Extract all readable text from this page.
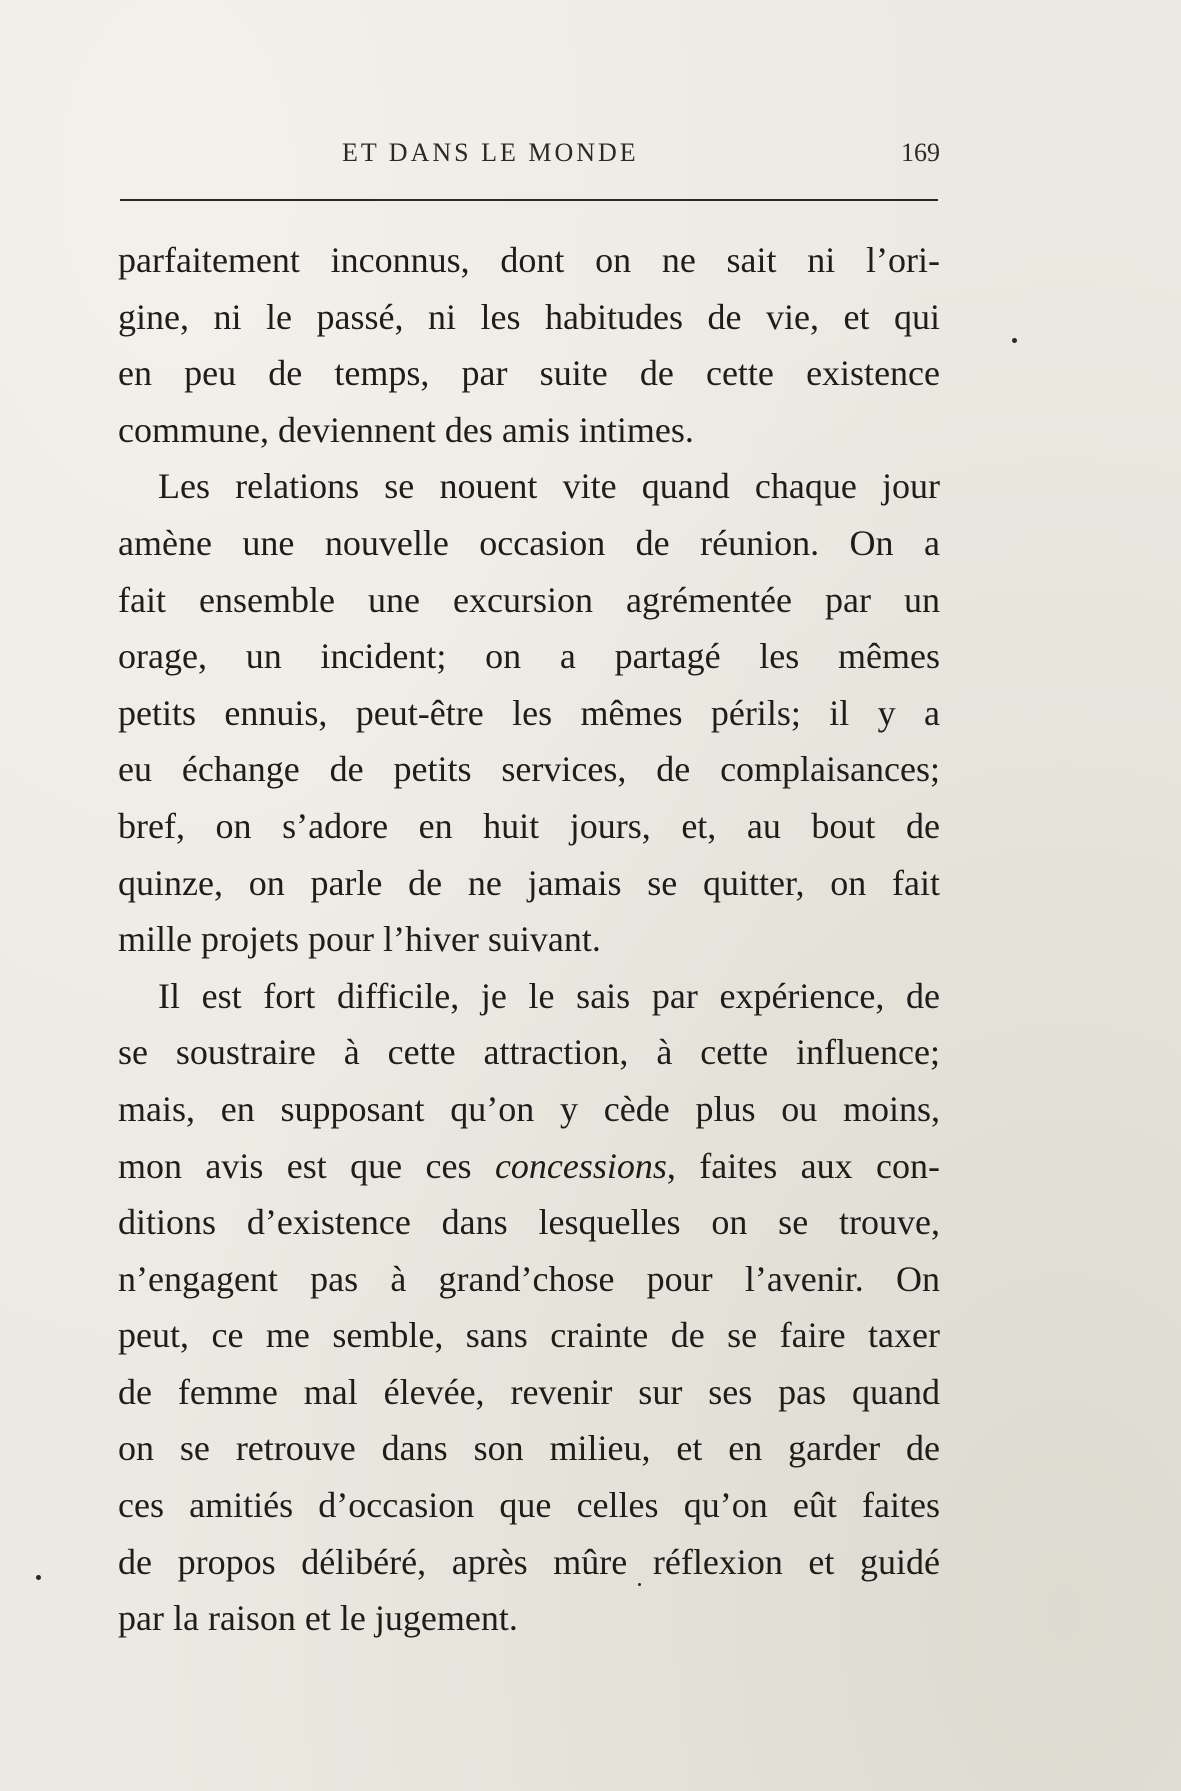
ET DANS LE MONDE	169
parfaitement inconnus, dont on ne sait ni l’ori-
gine, ni le passé, ni les habitudes de vie, et qui
en peu de temps, par suite de cette existence
commune, deviennent des amis intimes.
Les relations se nouent vite quand chaque jour
amène une nouvelle occasion de réunion. On a
fait ensemble une excursion agrémentée par un
orage, un incident; on a partagé les mêmes
petits ennuis, peut-être les mêmes périls; il y a
eu échange de petits services, de complaisances;
bref, on s’adore en huit jours, et, au bout de
quinze, on parle de ne jamais se quitter, on fait
mille projets pour l’hiver suivant.
Il est fort difficile, je le sais par expérience, de
se soustraire à cette attraction, à cette influence;
mais, en supposant qu’on y cède plus ou moins,
mon avis est que ces concessions, faites aux con-
ditions d’existence dans lesquelles on se trouve,
n’engagent pas à grand’chose pour l’avenir. On
peut, ce me semble, sans crainte de se faire taxer
de femme mal élevée, revenir sur ses pas quand
on se retrouve dans son milieu, et en garder de
ces amitiés d’occasion que celles qu’on eût faites
de propos délibéré, après mûre réflexion et guidé
par la raison et le jugement.
